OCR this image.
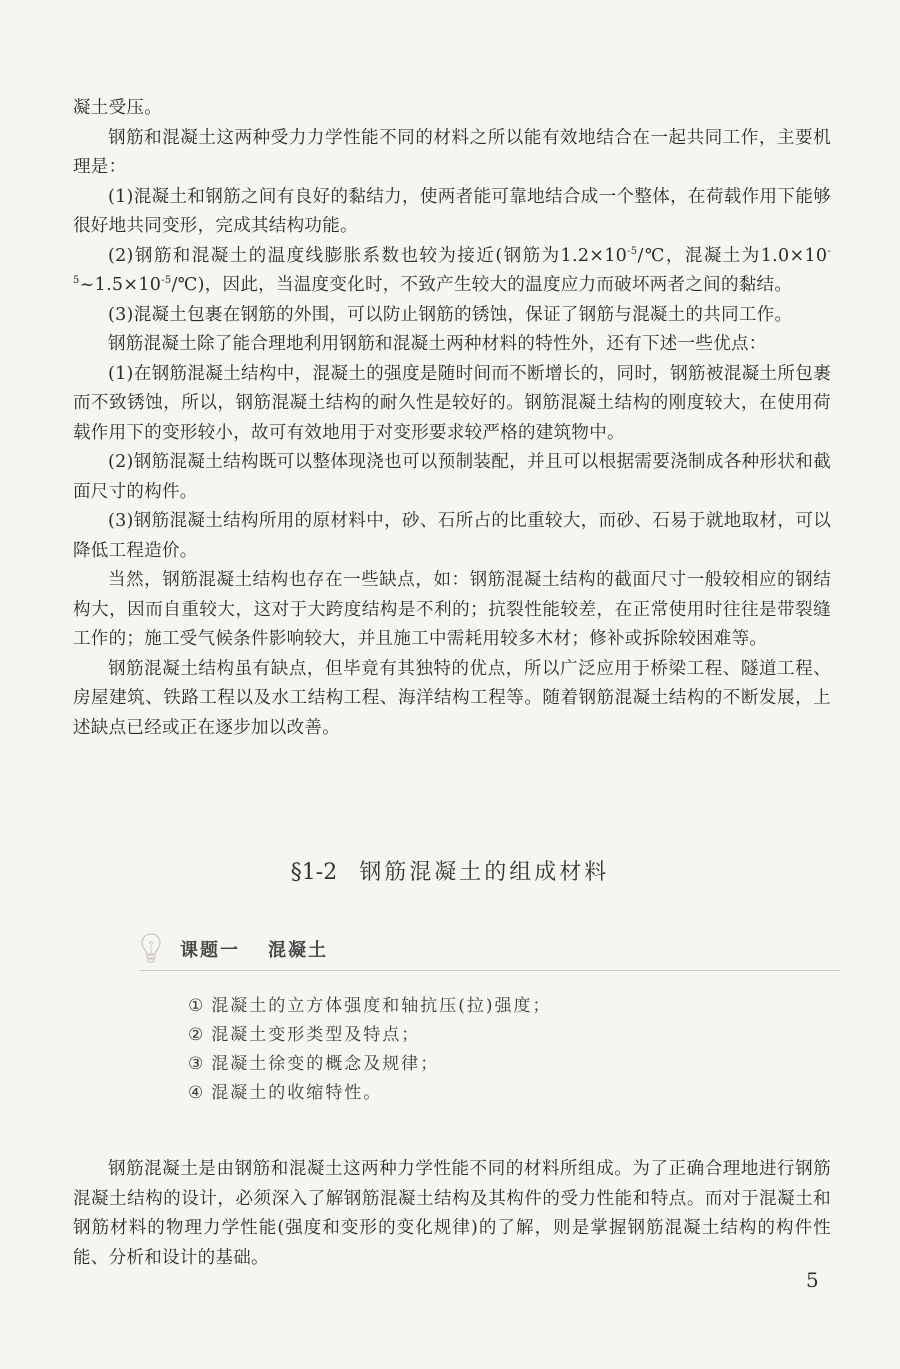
凝土受压。

钢筋和混凝土这两种受力力学性能不同的材料之所以能有效地结合在一起共同工作，主要机理是：

(1)混凝土和钢筋之间有良好的黏结力，使两者能可靠地结合成一个整体，在荷载作用下能够很好地共同变形，完成其结构功能。

(2)钢筋和混凝土的温度线膨胀系数也较为接近(钢筋为$1.2\times 10^{-5}/℃$，混凝土为$1.0\times 10^{-5}\sim 1.5\times 10^{-5}/℃$)，因此，当温度变化时，不致产生较大的温度应力而破坏两者之间的黏结。

(3)混凝土包裹在钢筋的外围，可以防止钢筋的锈蚀，保证了钢筋与混凝土的共同工作。

钢筋混凝土除了能合理地利用钢筋和混凝土两种材料的特性外，还有下述一些优点：

(1)在钢筋混凝土结构中，混凝土的强度是随时间而不断增长的，同时，钢筋被混凝土所包裹而不致锈蚀，所以，钢筋混凝土结构的耐久性是较好的。钢筋混凝土结构的刚度较大，在使用荷载作用下的变形较小，故可有效地用于对变形要求较严格的建筑物中。

(2)钢筋混凝土结构既可以整体现浇也可以预制装配，并且可以根据需要浇制成各种形状和截面尺寸的构件。

(3)钢筋混凝土结构所用的原材料中，砂、石所占的比重较大，而砂、石易于就地取材，可以降低工程造价。

当然，钢筋混凝土结构也存在一些缺点，如：钢筋混凝土结构的截面尺寸一般较相应的钢结构大，因而自重较大，这对于大跨度结构是不利的；抗裂性能较差，在正常使用时往往是带裂缝工作的；施工受气候条件影响较大，并且施工中需耗用较多木材；修补或拆除较困难等。

钢筋混凝土结构虽有缺点，但毕竟有其独特的优点，所以广泛应用于桥梁工程、隧道工程、房屋建筑、铁路工程以及水工结构工程、海洋结构工程等。随着钢筋混凝土结构的不断发展，上述缺点已经或正在逐步加以改善。

§1-2 钢筋混凝土的组成材料
课题一 混凝土
① 混凝土的立方体强度和轴抗压(拉)强度；
② 混凝土变形类型及特点；
③ 混凝土徐变的概念及规律；
④ 混凝土的收缩特性。

钢筋混凝土是由钢筋和混凝土这两种力学性能不同的材料所组成。为了正确合理地进行钢筋混凝土结构的设计，必须深入了解钢筋混凝土结构及其构件的受力性能和特点。而对于混凝土和钢筋材料的物理力学性能(强度和变形的变化规律)的了解，则是掌握钢筋混凝土结构的构件性能、分析和设计的基础。

5
